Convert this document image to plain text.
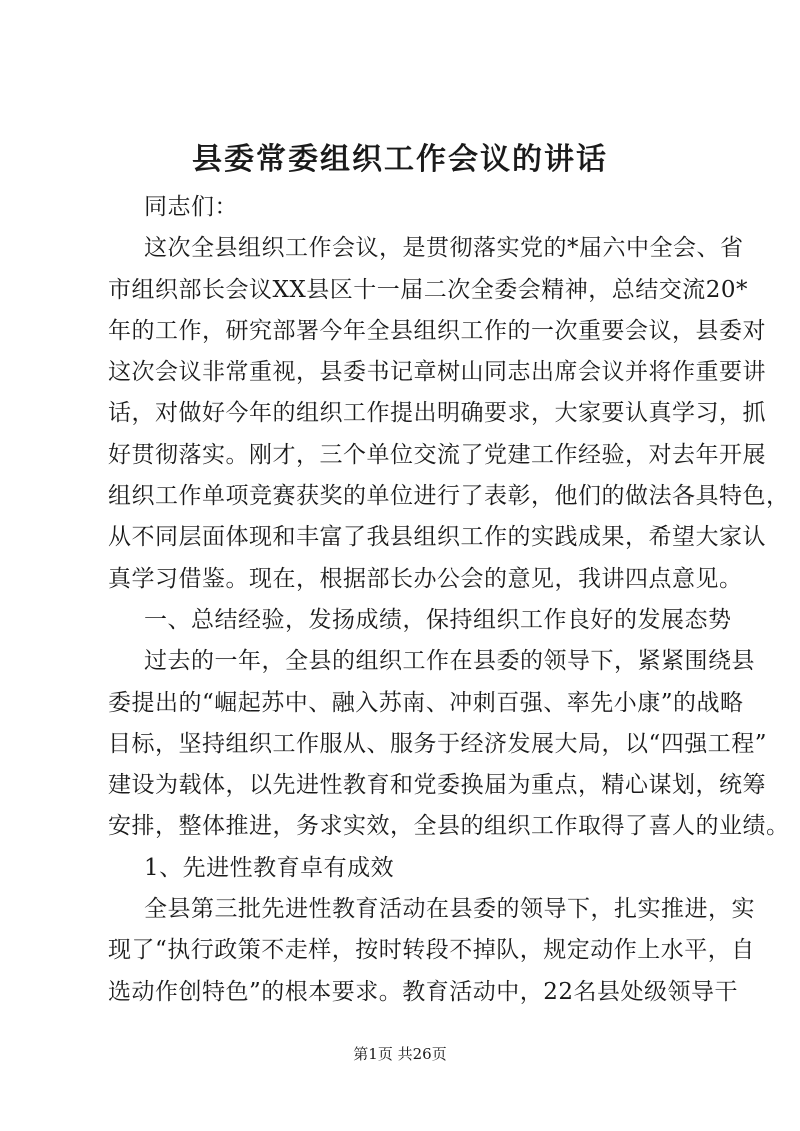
县委常委组织工作会议的讲话
同志们：
这次全县组织工作会议，是贯彻落实党的*届六中全会、省
市组织部长会议XX县区十一届二次全委会精神，总结交流20*
年的工作，研究部署今年全县组织工作的一次重要会议，县委对
这次会议非常重视，县委书记章树山同志出席会议并将作重要讲
话，对做好今年的组织工作提出明确要求，大家要认真学习，抓
好贯彻落实。刚才，三个单位交流了党建工作经验，对去年开展
组织工作单项竞赛获奖的单位进行了表彰，他们的做法各具特色，
从不同层面体现和丰富了我县组织工作的实践成果，希望大家认
真学习借鉴。现在，根据部长办公会的意见，我讲四点意见。
一、总结经验，发扬成绩，保持组织工作良好的发展态势
过去的一年，全县的组织工作在县委的领导下，紧紧围绕县
委提出的“崛起苏中、融入苏南、冲刺百强、率先小康”的战略
目标，坚持组织工作服从、服务于经济发展大局，以“四强工程”
建设为载体，以先进性教育和党委换届为重点，精心谋划，统筹
安排，整体推进，务求实效，全县的组织工作取得了喜人的业绩。
1、先进性教育卓有成效
全县第三批先进性教育活动在县委的领导下，扎实推进，实
现了“执行政策不走样，按时转段不掉队，规定动作上水平，自
选动作创特色”的根本要求。教育活动中，22名县处级领导干
第1页 共26页
